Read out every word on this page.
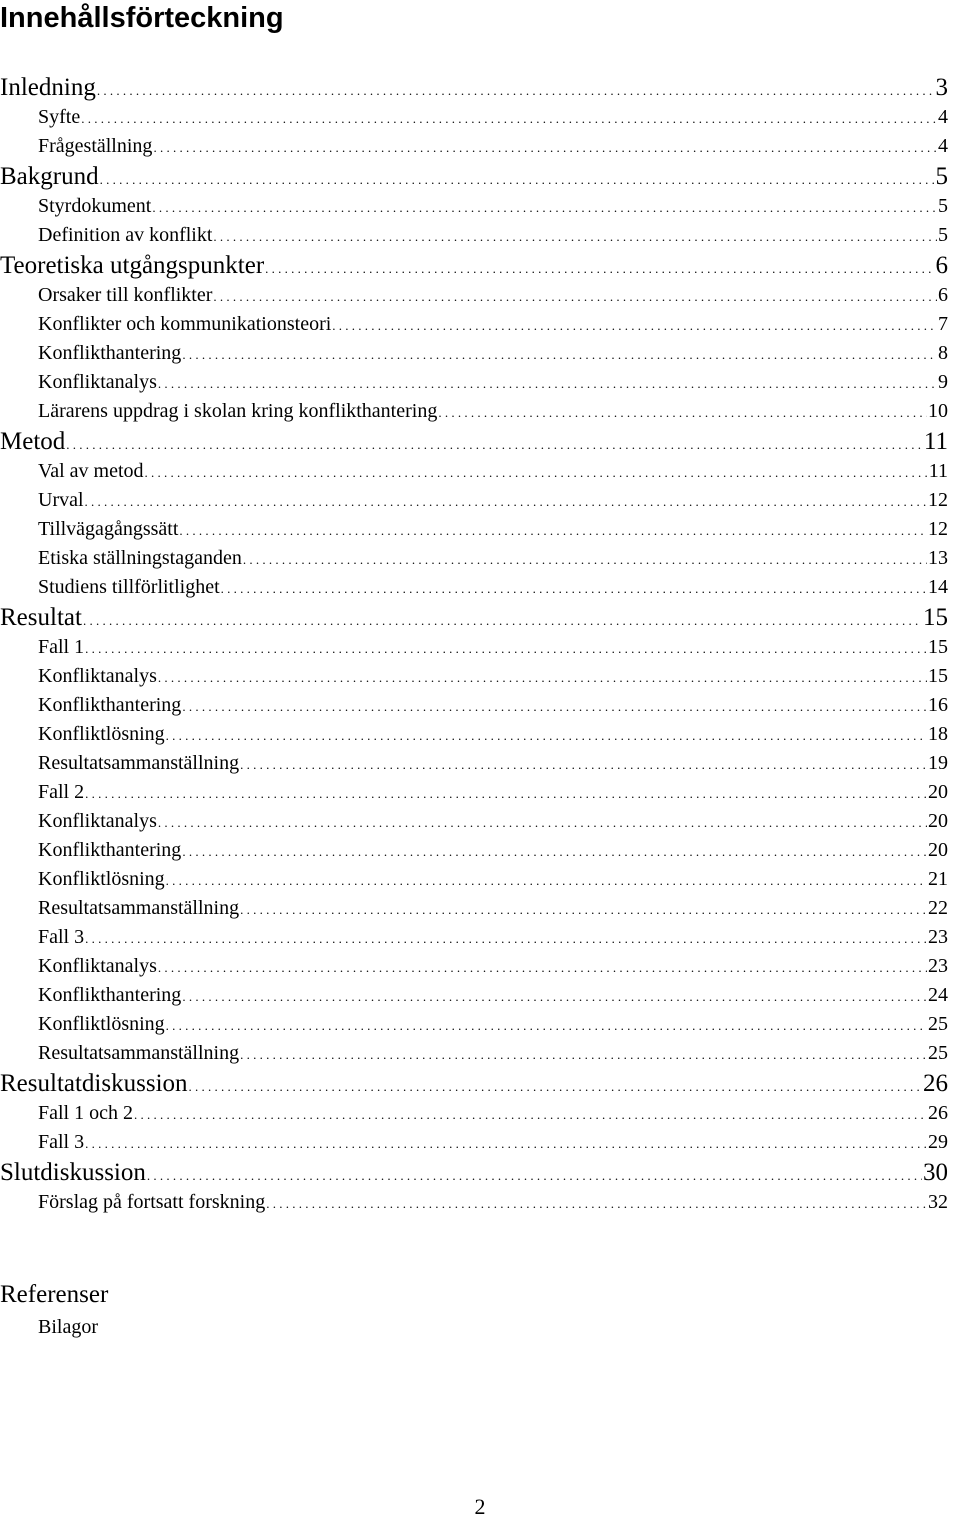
Innehållsförteckning
Inledning . . .	3
Syfte . . .	4
Frågeställning . . .	4
Bakgrund . . .	5
Styrdokument . . .	5
Definition av konflikt . . .	5
Teoretiska utgångspunkter . . .	6
Orsaker till konflikter . . .	6
Konflikter och kommunikationsteori . . .	7
Konflikthantering . . .	8
Konfliktanalys . . .	9
Lärarens uppdrag i skolan kring konflikthantering . . .	10
Metod . . .	11
Val av metod . . .	11
Urval . . .	12
Tillvägagångssätt . . .	12
Etiska ställningstaganden . . .	13
Studiens tillförlitlighet . . .	14
Resultat . . .	15
Fall 1 . . .	15
Konfliktanalys . . .	15
Konflikthantering . . .	16
Konfliktlösning . . .	18
Resultatsammanställning . . .	19
Fall 2 . . .	20
Konfliktanalys . . .	20
Konflikthantering . . .	20
Konfliktlösning . . .	21
Resultatsammanställning . . .	22
Fall 3 . . .	23
Konfliktanalys . . .	23
Konflikthantering . . .	24
Konfliktlösning . . .	25
Resultatsammanställning . . .	25
Resultatdiskussion . . .	26
Fall 1 och 2 . . .	26
Fall 3 . . .	29
Slutdiskussion . . .	30
Förslag på fortsatt forskning . . .	32

Referenser

Bilagor

2
